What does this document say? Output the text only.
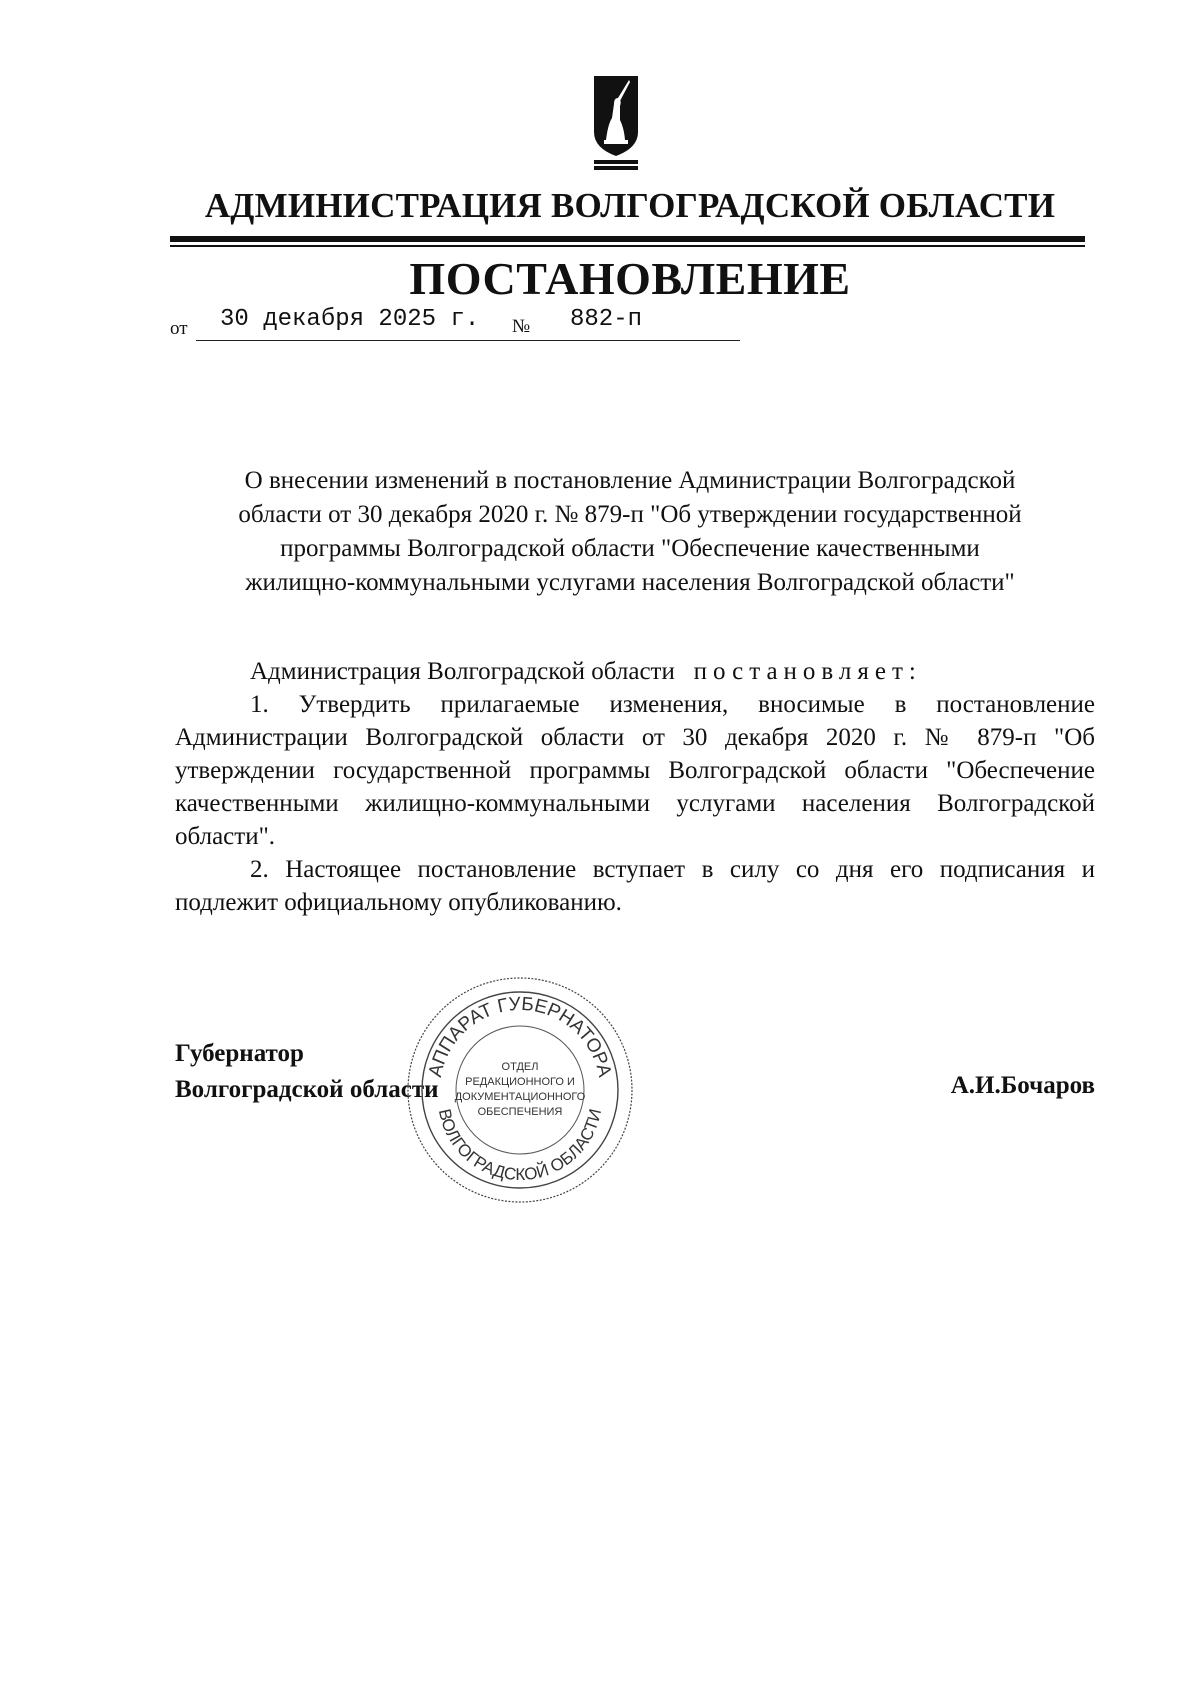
АДМИНИСТРАЦИЯ ВОЛГОГРАДСКОЙ ОБЛАСТИ
ПОСТАНОВЛЕНИЕ
от 30 декабря 2025 г. № 882-п
О внесении изменений в постановление Администрации Волгоградской
области от 30 декабря 2020 г. № 879-п "Об утверждении государственной
программы Волгоградской области "Обеспечение качественными
жилищно-коммунальными услугами населения Волгоградской области"
Администрация Волгоградской области постановляет:
1. Утвердить прилагаемые изменения, вносимые в постановление Администрации Волгоградской области от 30 декабря 2020 г. № 879-п "Об утверждении государственной программы Волгоградской области "Обеспечение качественными жилищно-коммунальными услугами населения Волгоградской области".
2. Настоящее постановление вступает в силу со дня его подписания и подлежит официальному опубликованию.
Губернатор
Волгоградской области	А.И.Бочаров
АППАРАТ ГУБЕРНАТОРА
ВОЛГОГРАДСКОЙ ОБЛАСТИ
ОТДЕЛ
РЕДАКЦИОННОГО И
ДОКУМЕНТАЦИОННОГО
ОБЕСПЕЧЕНИЯ
